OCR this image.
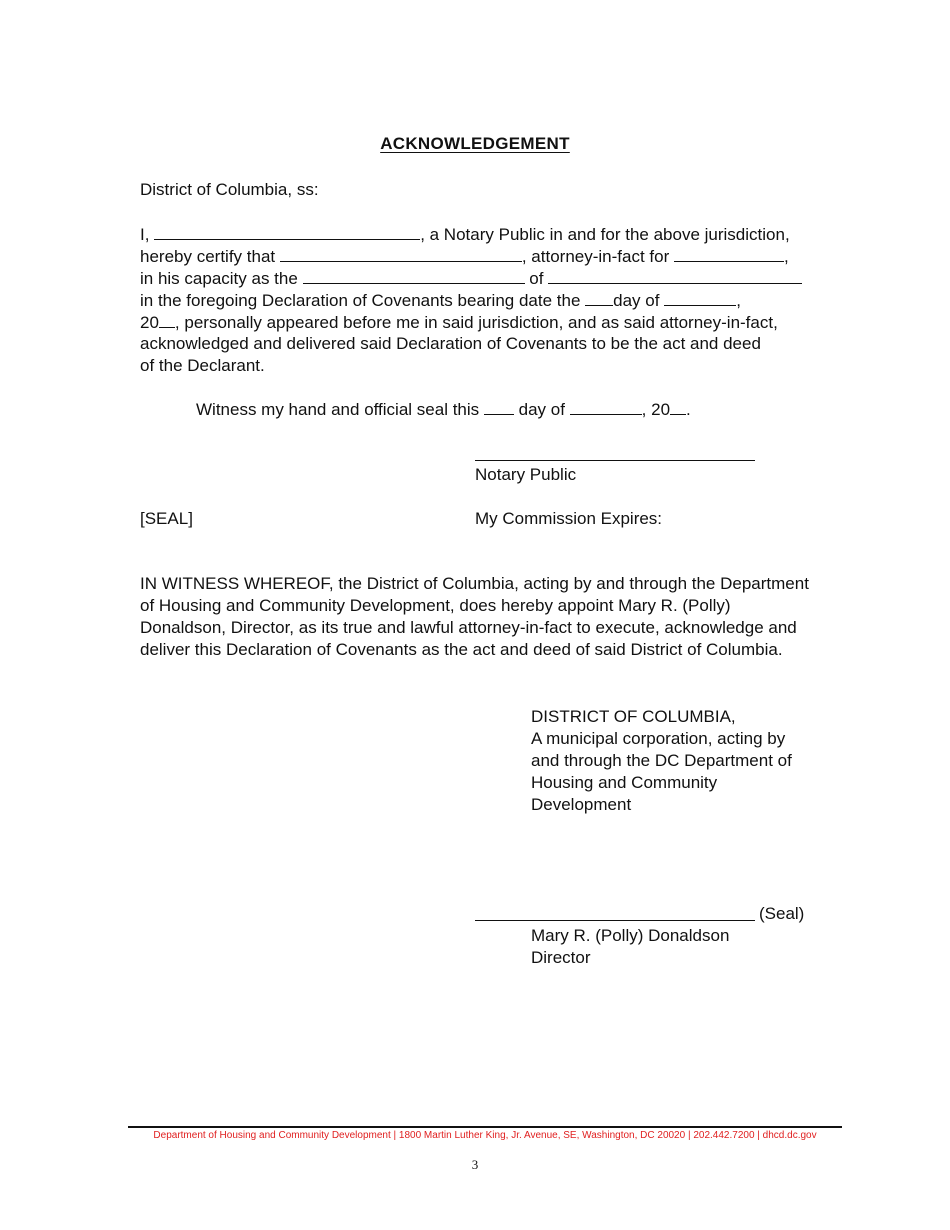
ACKNOWLEDGEMENT
District of Columbia, ss:
I,	, a Notary Public in and for the above jurisdiction,
hereby certify that	, attorney-in-fact for	,
in his capacity as the	of
in the foregoing Declaration of Covenants bearing date the day of	,
20 , personally appeared before me in said jurisdiction, and as said attorney-in-fact,
acknowledged and delivered said Declaration of Covenants to be the act and deed
of the Declarant.
Witness my hand and official seal this day of	, 20 .
Notary Public
[SEAL]	My Commission Expires:
IN WITNESS WHEREOF, the District of Columbia, acting by and through the Department of Housing and Community Development, does hereby appoint Mary R. (Polly) Donaldson, Director, as its true and lawful attorney-in-fact to execute, acknowledge and deliver this Declaration of Covenants as the act and deed of said District of Columbia.
DISTRICT OF COLUMBIA,
A municipal corporation, acting by
and through the DC Department of
Housing and Community
Development
(Seal)
Mary R. (Polly) Donaldson
Director
Department of Housing and Community Development | 1800 Martin Luther King, Jr. Avenue, SE, Washington, DC 20020 | 202.442.7200 | dhcd.dc.gov
3
